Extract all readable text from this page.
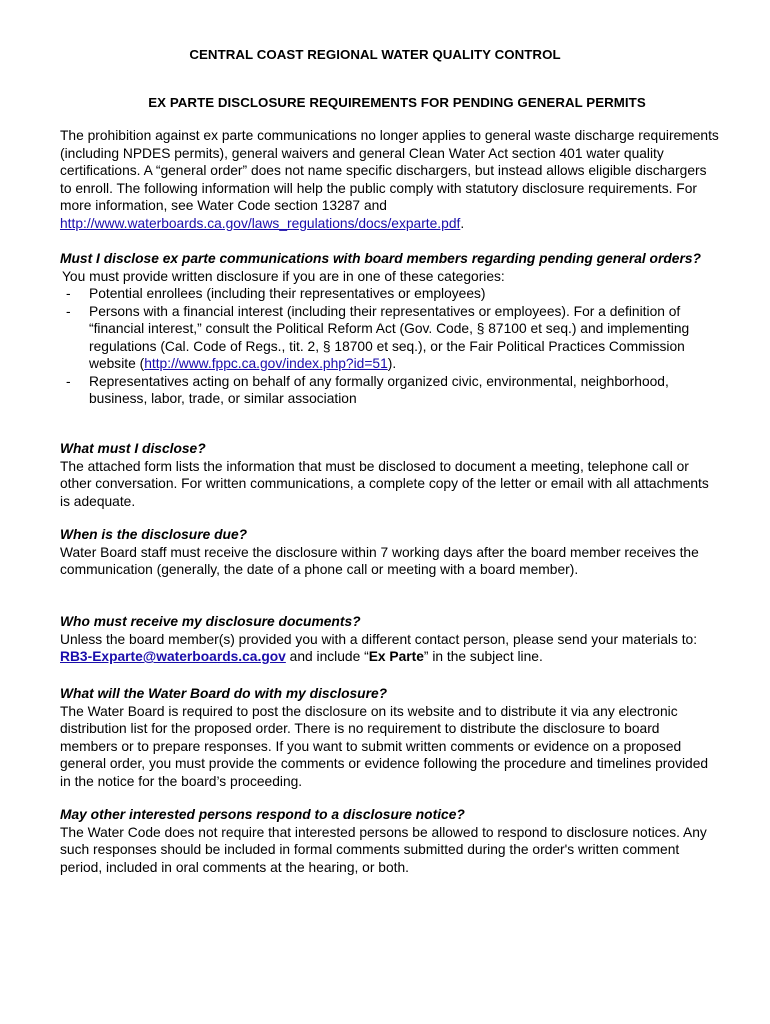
CENTRAL COAST REGIONAL WATER QUALITY CONTROL
EX PARTE DISCLOSURE REQUIREMENTS FOR PENDING GENERAL PERMITS

The prohibition against ex parte communications no longer applies to general waste discharge requirements (including NPDES permits), general waivers and general Clean Water Act section 401 water quality certifications. A “general order” does not name specific dischargers, but instead allows eligible dischargers to enroll. The following information will help the public comply with statutory disclosure requirements. For more information, see Water Code section 13287 and http://www.waterboards.ca.gov/laws_regulations/docs/exparte.pdf.

Must I disclose ex parte communications with board members regarding pending general orders?

You must provide written disclosure if you are in one of these categories:

- Potential enrollees (including their representatives or employees)
- Persons with a financial interest (including their representatives or employees). For a definition of “financial interest,” consult the Political Reform Act (Gov. Code, § 87100 et seq.) and implementing regulations (Cal. Code of Regs., tit. 2, § 18700 et seq.), or the Fair Political Practices Commission website (http://www.fppc.ca.gov/index.php?id=51).
- Representatives acting on behalf of any formally organized civic, environmental, neighborhood, business, labor, trade, or similar association

What must I disclose?

The attached form lists the information that must be disclosed to document a meeting, telephone call or other conversation. For written communications, a complete copy of the letter or email with all attachments is adequate.

When is the disclosure due?

Water Board staff must receive the disclosure within 7 working days after the board member receives the communication (generally, the date of a phone call or meeting with a board member).

Who must receive my disclosure documents?

Unless the board member(s) provided you with a different contact person, please send your materials to: RB3-Exparte@waterboards.ca.gov and include “Ex Parte” in the subject line.

What will the Water Board do with my disclosure?

The Water Board is required to post the disclosure on its website and to distribute it via any electronic distribution list for the proposed order. There is no requirement to distribute the disclosure to board members or to prepare responses. If you want to submit written comments or evidence on a proposed general order, you must provide the comments or evidence following the procedure and timelines provided in the notice for the board’s proceeding.

May other interested persons respond to a disclosure notice?

The Water Code does not require that interested persons be allowed to respond to disclosure notices. Any such responses should be included in formal comments submitted during the order's written comment period, included in oral comments at the hearing, or both.
